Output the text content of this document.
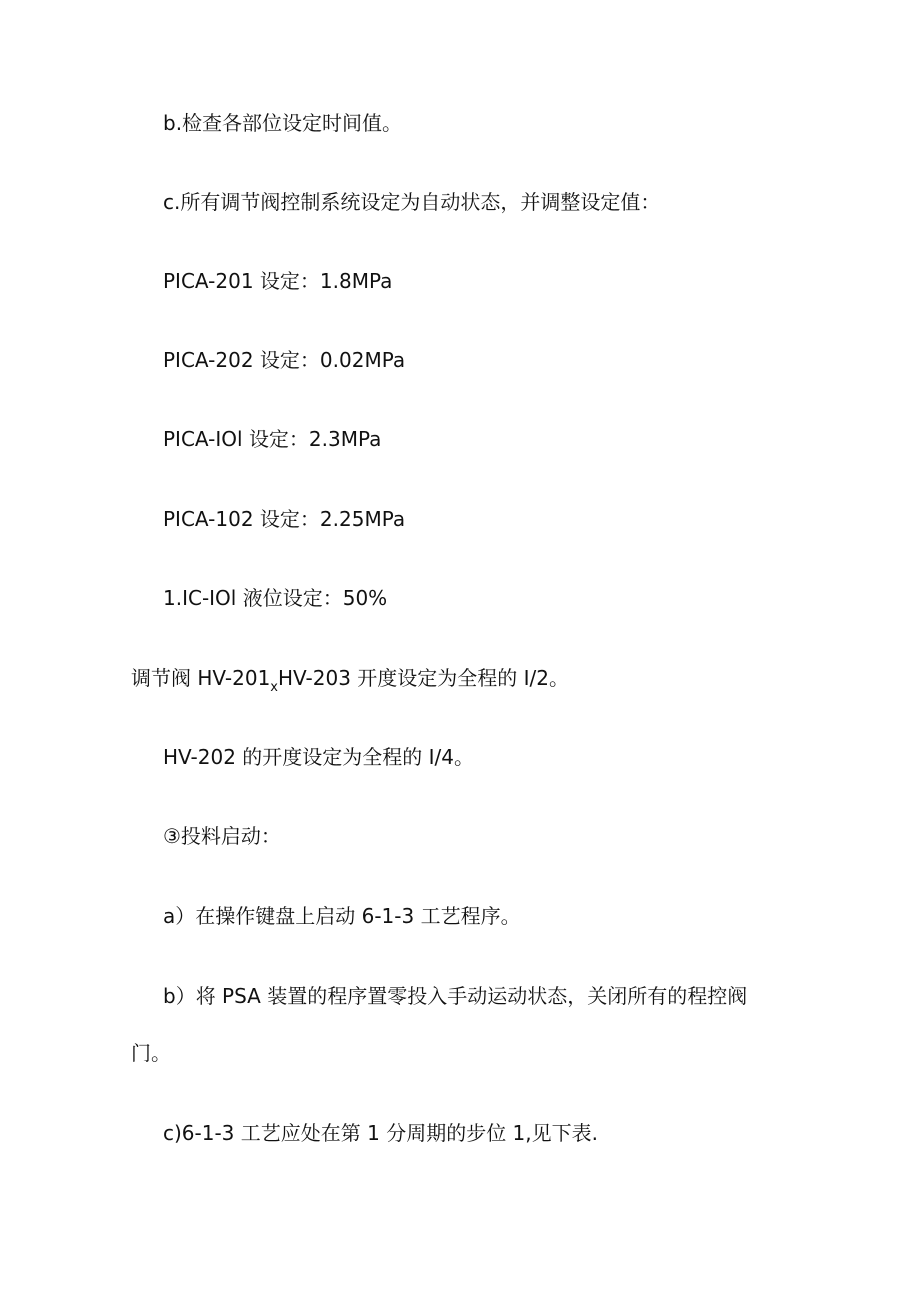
b.检查各部位设定时间值。
c.所有调节阀控制系统设定为自动状态，并调整设定值：
PICA-201 设定：1.8MPa
PICA-202 设定：0.02MPa
PICA-IOl 设定：2.3MPa
PICA-102 设定：2.25MPa
1.IC-IOl 液位设定：50%
调节阀 $HV-201_xHV-203$ 开度设定为全程的 I/2。
HV-202 的开度设定为全程的 I/4。
③投料启动：
a）在操作键盘上启动 6-1-3 工艺程序。
b）将 PSA 装置的程序置零投入手动运动状态，关闭所有的程控阀
门。
c)6-1-3 工艺应处在第 1 分周期的步位 1,见下表.
